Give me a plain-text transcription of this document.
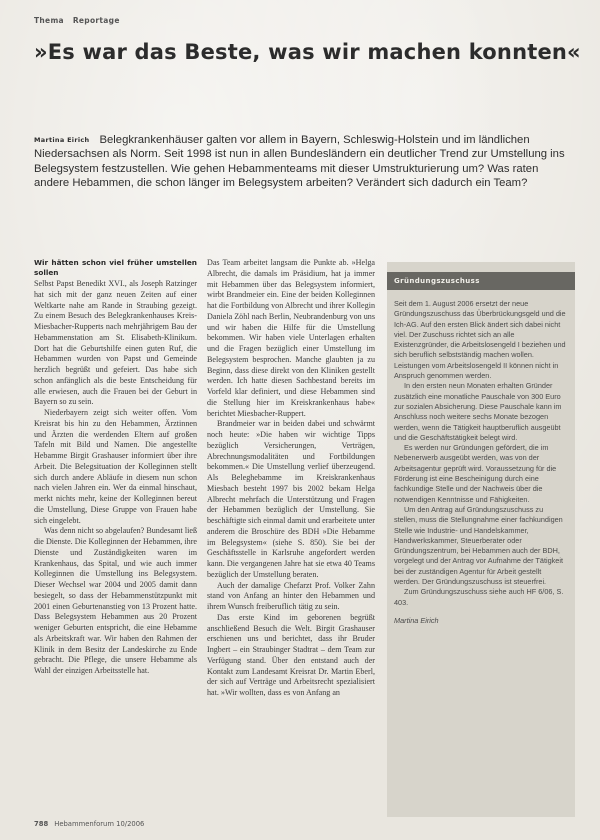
Thema Reportage
»Es war das Beste, was wir machen konnten«
Martina Eirich Belegkrankenhäuser galten vor allem in Bayern, Schleswig-Holstein und im ländlichen Niedersachsen als Norm. Seit 1998 ist nun in allen Bundesländern ein deutlicher Trend zur Umstellung ins Belegsystem festzustellen. Wie gehen Hebammenteams mit dieser Umstrukturierung um? Was raten andere Hebammen, die schon länger im Belegsystem arbeiten? Verändert sich dadurch ein Team?
Wir hätten schon viel früher umstellen sollen

Selbst Papst Benedikt XVI., als Joseph Ratzinger hat sich mit der ganz neuen Zeiten auf einer Weltkarte nahe am Rande in Straubing gezeigt. Zu einem Besuch des Belegkrankenhauses Kreis-Miesbacher-Rupperts nach mehrjährigem Bau der Hebammenstation am St. Elisabeth-Klinikum. Dort hat die Geburtshilfe einen guten Ruf, die Hebammen wurden von Papst und Gemeinde herzlich begrüßt und gefeiert. Das habe sich schon anfänglich als die beste Entscheidung für alle erwiesen, auch die Frauen bei der Geburt in Bayern so zu sein.

Niederbayern zeigt sich weiter offen. Vom Kreisrat bis hin zu den Hebammen, Ärztinnen und Ärzten die werdenden Eltern auf großen Tafeln mit Bild und Namen. Die angestellte Hebamme Birgit Grashauser informiert über ihre Arbeit. Die Belegsituation der Kolleginnen stellt sich durch andere Abläufe in diesem nun schon nach vielen Jahren ein. Wer da einmal hinschaut, merkt nichts mehr, keine der Kolleginnen bereut die Umstellung, Diese Gruppe von Frauen habe sich eingelebt.

Was denn nicht so abgelaufen? Bundesamt ließ die Dienste. Die Kolleginnen der Hebammen, ihre Dienste und Zuständigkeiten waren im Krankenhaus, das Spital, und wie auch immer Kolleginnen die Umstellung ins Belegsystem. Dieser Wechsel war 2004 und 2005 damit dann besiegelt, so dass der Hebammenstützpunkt mit 2001 einen Geburtenanstieg von 13 Prozent hatte. Dass Belegsystem Hebammen aus 20 Prozent weniger Geburten entspricht, die eine Hebamme als Arbeitskraft war. Wir haben den Rahmen der Klinik in dem Besitz der Landeskirche zu Ende gebracht. Die Pflege, die unsere Hebamme als Wahl der einzigen Arbeitsstelle hat.

Das Team arbeitet langsam die Punkte ab. »Helga Albrecht, die damals im Präsidium, hat ja immer mit Hebammen über das Belegsystem informiert, wirbt Brandmeier ein. Eine der beiden Kolleginnen hat die Fortbildung von Albrecht und ihrer Kollegin Daniela Zöhl nach Berlin, Neubrandenburg von uns und wir haben die Hilfe für die Umstellung bekommen. Wir haben viele Unterlagen erhalten und die Fragen bezüglich einer Umstellung im Belegsystem besprochen. Manche glaubten ja zu Beginn, dass diese direkt von den Kliniken gestellt werden. Ich hatte diesen Sachbestand bereits im Vorfeld klar definiert, und diese Hebammen sind die Stellung hier im Kreiskrankenhaus habe« berichtet Miesbacher-Ruppert.

Brandmeier war in beiden dabei und schwärmt noch heute: »Die haben wir wichtige Tipps bezüglich Versicherungen, Verträgen, Abrechnungsmodalitäten und Fortbildungen bekommen.« Die Umstellung verlief überzeugend. Als Beleghebamme im Kreiskrankenhaus Miesbach besteht 1997 bis 2002 bekam Helga Albrecht mehrfach die Unterstützung und Fragen der Hebammen bezüglich der Umstellung. Sie beschäftigte sich einmal damit und erarbeitete unter anderem die Broschüre des BDH »Die Hebamme im Belegsystem« (siehe S. 850). Sie bei der Geschäftsstelle in Karlsruhe angefordert werden kann. Die vergangenen Jahre hat sie etwa 40 Teams bezüglich der Umstellung beraten.

Auch der damalige Chefarzt Prof. Volker Zahn stand von Anfang an hinter den Hebammen und ihrem Wunsch freiberuflich tätig zu sein.

Das erste Kind im geborenen begrüßt anschließend Besuch die Welt. Birgit Grashauser erschienen uns und berichtet, dass ihr Bruder Ingbert – ein Straubinger Stadtrat – dem Team zur Verfügung stand. Über den entstand auch der Kontakt zum Landesamt Kreisrat Dr. Martin Eberl, der sich auf Verträge und Arbeitsrecht spezialisiert hat. »Wir wollten, dass es von Anfang an

Gründungszuschuss

Seit dem 1. August 2006 ersetzt der neue Gründungszuschuss das Überbrückungsgeld und die Ich-AG. Auf den ersten Blick ändert sich dabei nicht viel. Der Zuschuss richtet sich an alle Existenzgründer, die Arbeitslosengeld I beziehen und sich beruflich selbstständig machen wollen. Leistungen vom Arbeitslosengeld II können nicht in Anspruch genommen werden.

In den ersten neun Monaten erhalten Gründer zusätzlich eine monatliche Pauschale von 300 Euro zur sozialen Absicherung. Diese Pauschale kann im Anschluss noch weitere sechs Monate bezogen werden, wenn die Tätigkeit hauptberuflich ausgeübt und die Geschäftstätigkeit belegt wird.

Es werden nur Gründungen gefördert, die im Nebenerwerb ausgeübt werden, was von der Arbeitsagentur geprüft wird. Voraussetzung für die Förderung ist eine Bescheinigung durch eine fachkundige Stelle und der Nachweis über die notwendigen Kenntnisse und Fähigkeiten.

Um den Antrag auf Gründungszuschuss zu stellen, muss die Stellungnahme einer fachkundigen Stelle wie Industrie- und Handelskammer, Handwerkskammer, Steuerberater oder Gründungszentrum, bei Hebammen auch der BDH, vorgelegt und der Antrag vor Aufnahme der Tätigkeit bei der zuständigen Agentur für Arbeit gestellt werden. Der Gründungszuschuss ist steuerfrei.

Zum Gründungszuschuss siehe auch HF 6/06, S. 403.

Martina Eirich

788 Hebammenforum 10/2006
